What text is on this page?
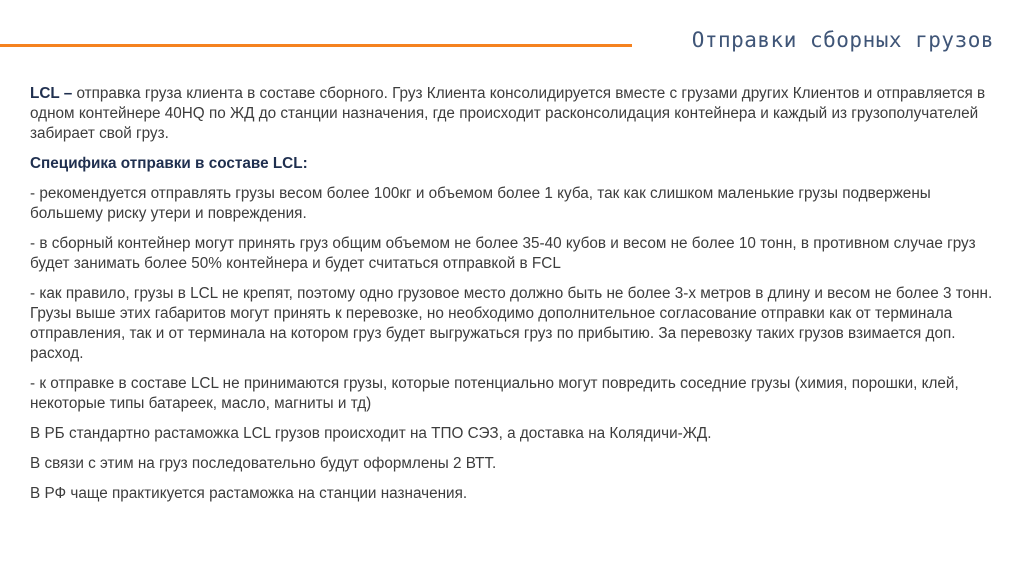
Отправки сборных грузов

LCL – отправка груза клиента в составе сборного. Груз Клиента консолидируется вместе с грузами других Клиентов и отправляется в одном контейнере 40HQ по ЖД до станции назначения, где происходит расконсолидация контейнера и каждый из грузополучателей забирает свой груз.

Специфика отправки в составе LCL:

- рекомендуется отправлять грузы весом более 100кг и объемом более 1 куба, так как слишком маленькие грузы подвержены большему риску утери и повреждения.

- в сборный контейнер могут принять груз общим объемом не более 35-40 кубов и весом не более 10 тонн, в противном случае груз будет занимать более 50% контейнера и будет считаться отправкой в FCL

- как правило, грузы в LCL не крепят, поэтому одно грузовое место должно быть не более 3-х метров в длину и весом не более 3 тонн. Грузы выше этих габаритов могут принять к перевозке, но необходимо дополнительное согласование отправки как от терминала отправления, так и от терминала на котором груз будет выгружаться груз по прибытию. За перевозку таких грузов взимается доп. расход.

- к отправке в составе LCL не принимаются грузы, которые потенциально могут повредить соседние грузы (химия, порошки, клей, некоторые типы батареек, масло, магниты и тд)

В РБ стандартно растаможка LCL грузов происходит на ТПО СЭЗ, а доставка на Колядичи-ЖД.

В связи с этим на груз последовательно будут оформлены 2 ВТТ.

В РФ чаще практикуется растаможка на станции назначения.
